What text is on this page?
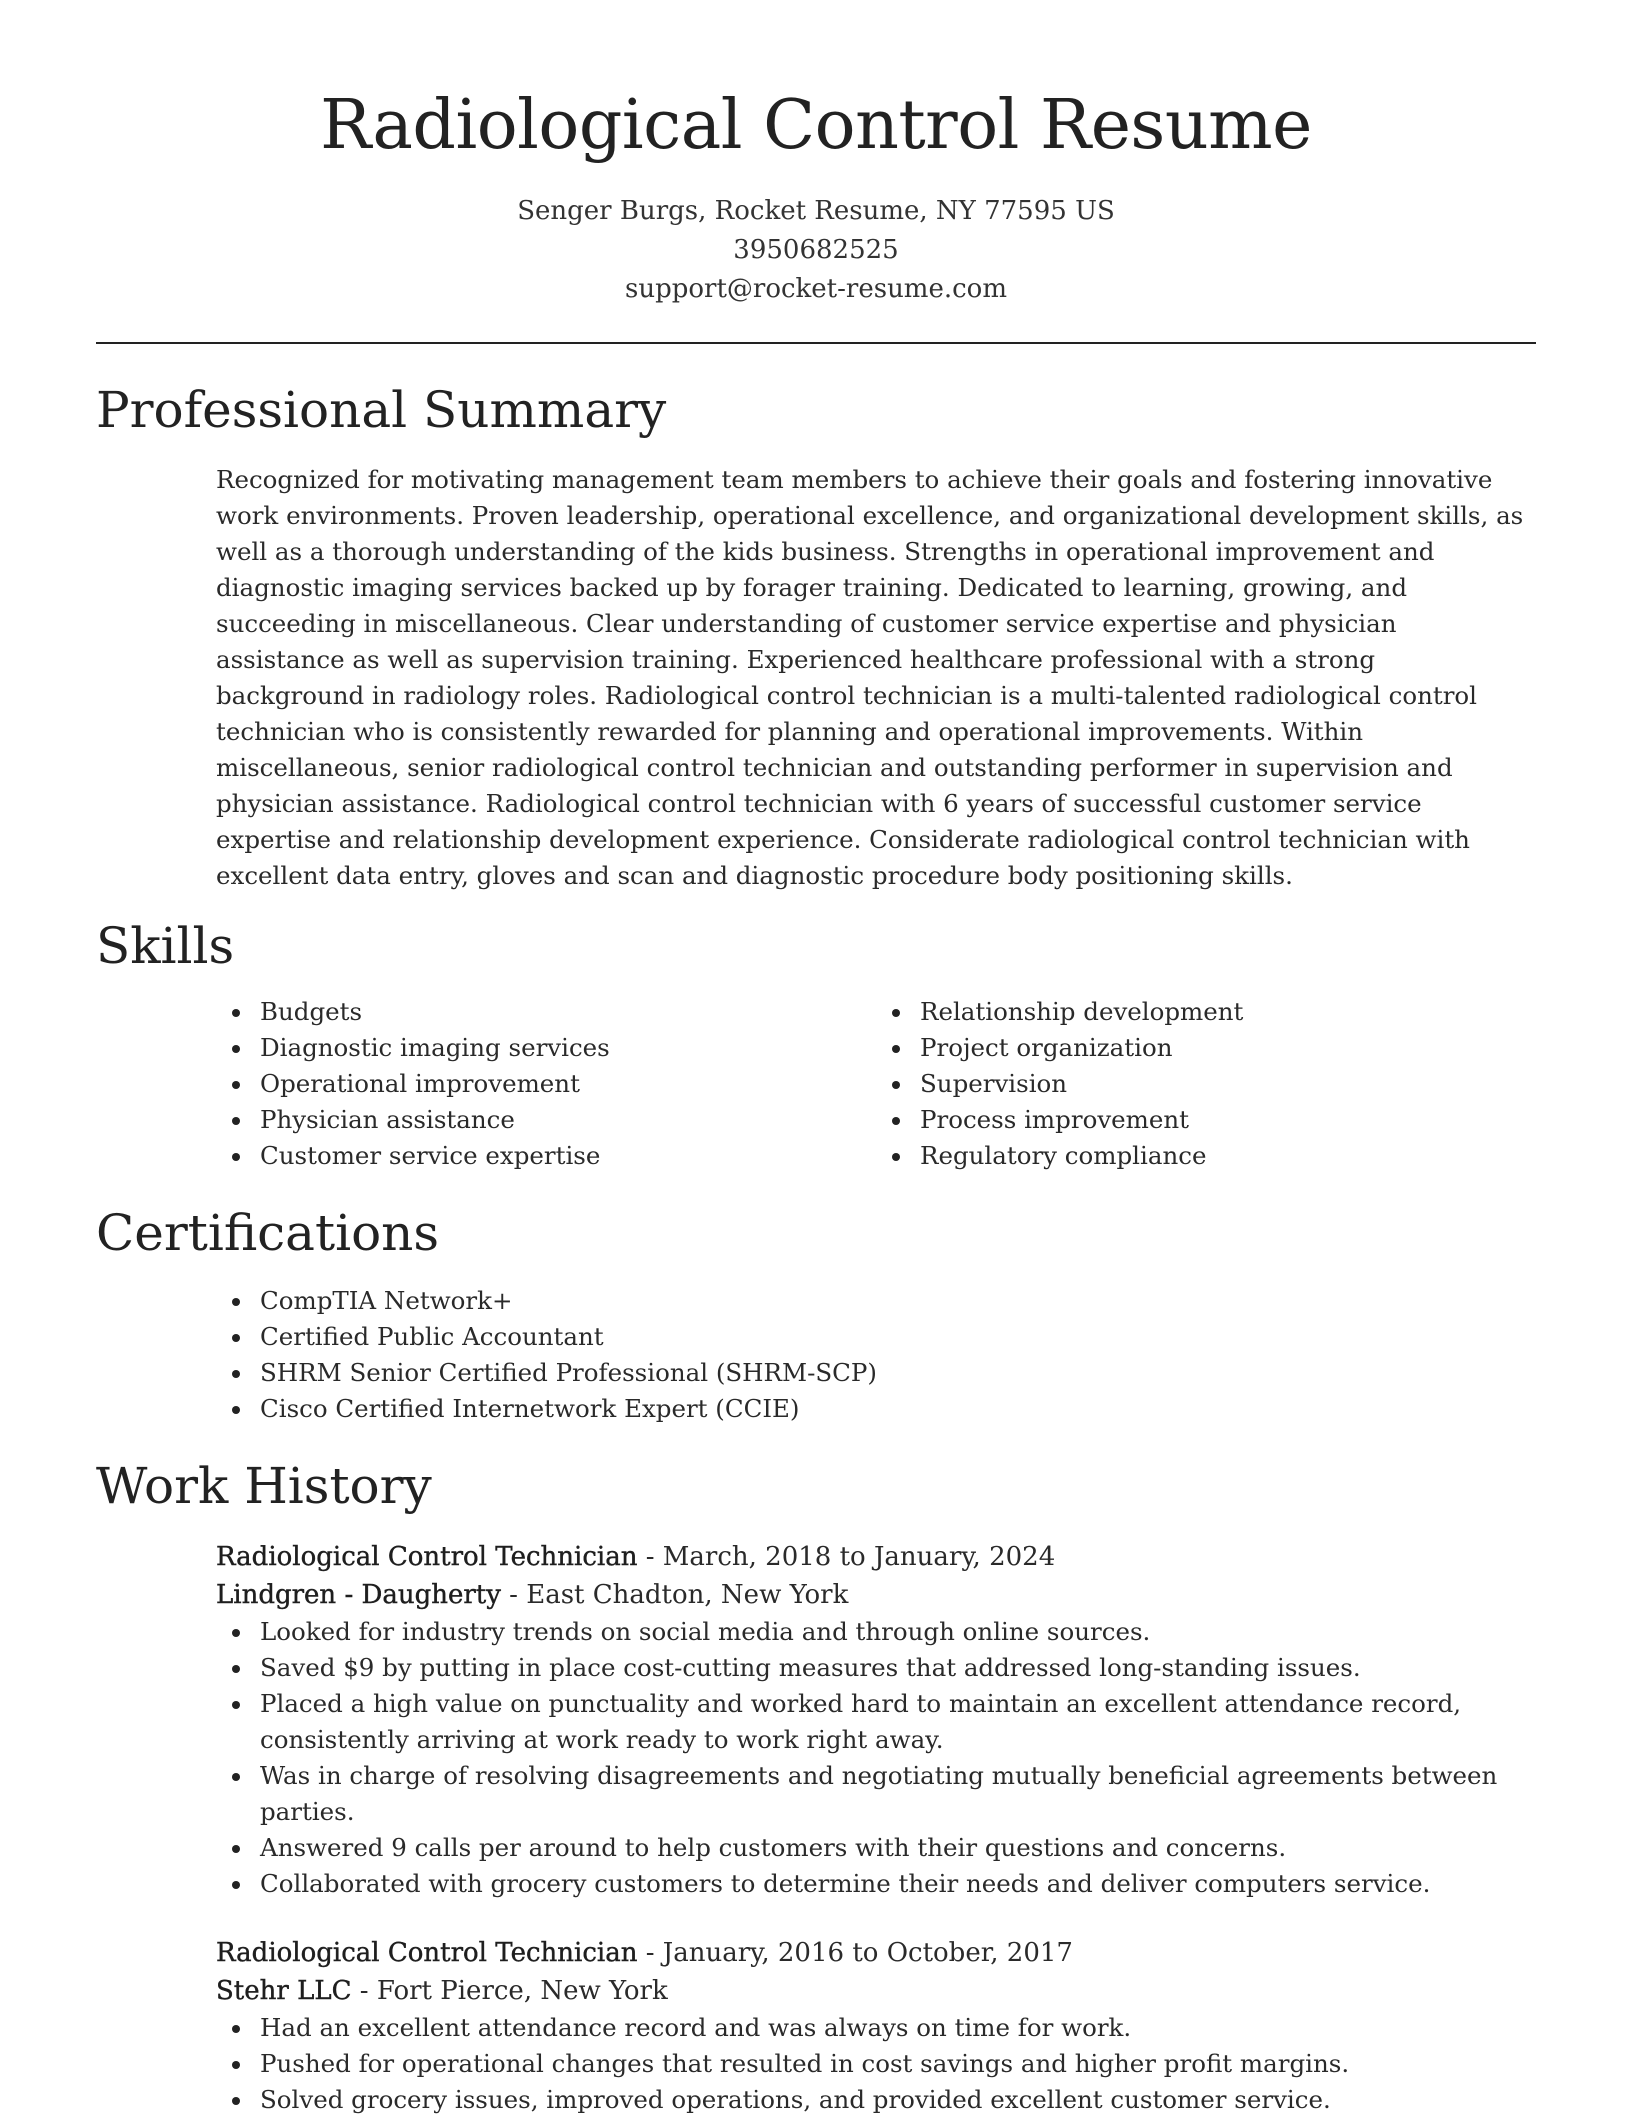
Radiological Control Resume
Senger Burgs, Rocket Resume, NY 77595 US
3950682525
support@rocket-resume.com
Professional Summary
Recognized for motivating management team members to achieve their goals and fostering innovative work environments. Proven leadership, operational excellence, and organizational development skills, as well as a thorough understanding of the kids business. Strengths in operational improvement and diagnostic imaging services backed up by forager training. Dedicated to learning, growing, and succeeding in miscellaneous. Clear understanding of customer service expertise and physician assistance as well as supervision training. Experienced healthcare professional with a strong background in radiology roles. Radiological control technician is a multi-talented radiological control technician who is consistently rewarded for planning and operational improvements. Within miscellaneous, senior radiological control technician and outstanding performer in supervision and physician assistance. Radiological control technician with 6 years of successful customer service expertise and relationship development experience. Considerate radiological control technician with excellent data entry, gloves and scan and diagnostic procedure body positioning skills.
Skills
Budgets
Diagnostic imaging services
Operational improvement
Physician assistance
Customer service expertise
Relationship development
Project organization
Supervision
Process improvement
Regulatory compliance
Certifications
CompTIA Network+
Certified Public Accountant
SHRM Senior Certified Professional (SHRM-SCP)
Cisco Certified Internetwork Expert (CCIE)
Work History
Radiological Control Technician - March, 2018 to January, 2024
Lindgren - Daugherty - East Chadton, New York
Looked for industry trends on social media and through online sources.
Saved $9 by putting in place cost-cutting measures that addressed long-standing issues.
Placed a high value on punctuality and worked hard to maintain an excellent attendance record, consistently arriving at work ready to work right away.
Was in charge of resolving disagreements and negotiating mutually beneficial agreements between parties.
Answered 9 calls per around to help customers with their questions and concerns.
Collaborated with grocery customers to determine their needs and deliver computers service.
Radiological Control Technician - January, 2016 to October, 2017
Stehr LLC - Fort Pierce, New York
Had an excellent attendance record and was always on time for work.
Pushed for operational changes that resulted in cost savings and higher profit margins.
Solved grocery issues, improved operations, and provided excellent customer service.
